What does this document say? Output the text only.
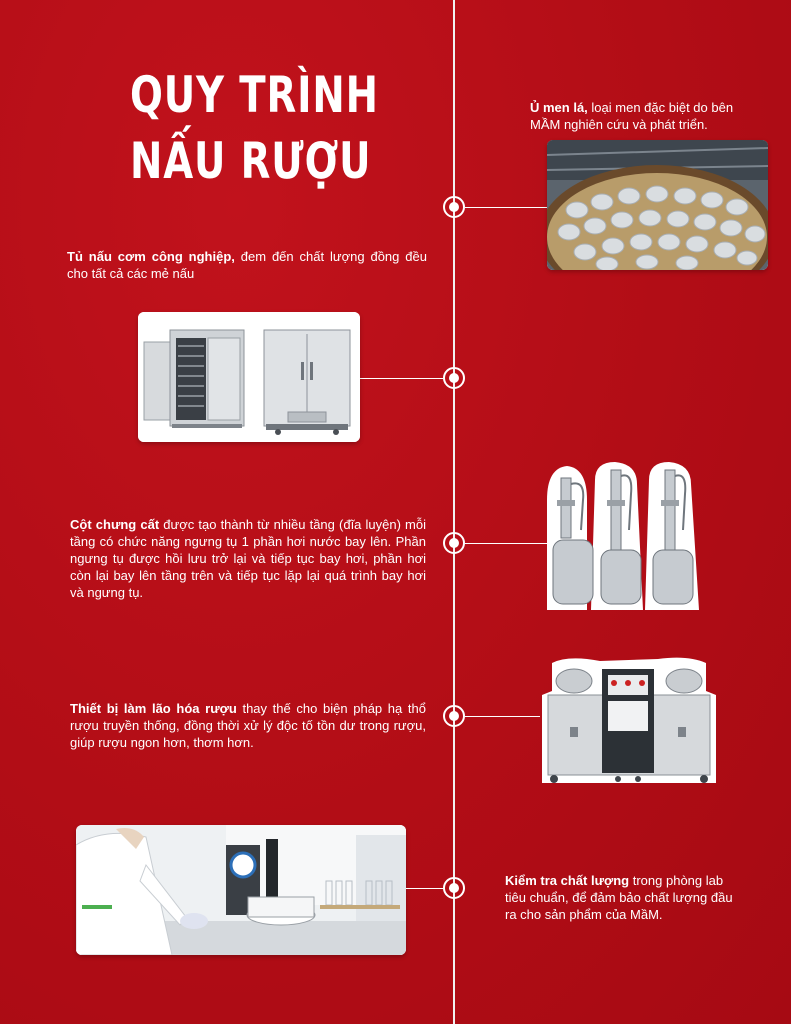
QUY TRÌNH
NẤU RƯỢU
Ủ men lá, loại men đặc biệt do bên MẦM nghiên cứu và phát triển.
Tủ nấu cơm công nghiệp, đem đến chất lượng đồng đều cho tất cả các mẻ nấu
Cột chưng cất được tạo thành từ nhiều tầng (đĩa luyện) mỗi tầng có chức năng ngưng tụ 1 phần hơi nước bay lên. Phần ngưng tụ được hồi lưu trở lại và tiếp tục bay hơi, phần hơi còn lại bay lên tầng trên và tiếp tục lặp lại quá trình bay hơi và ngưng tụ.
Thiết bị làm lão hóa rượu thay thế cho biện pháp hạ thổ rượu truyền thống, đồng thời xử lý độc tố tồn dư trong rượu, giúp rượu ngon hơn, thơm hơn.
Kiểm tra chất lượng trong phòng lab tiêu chuẩn, để đảm bảo chất lượng đầu ra cho sản phẩm của MầM.
